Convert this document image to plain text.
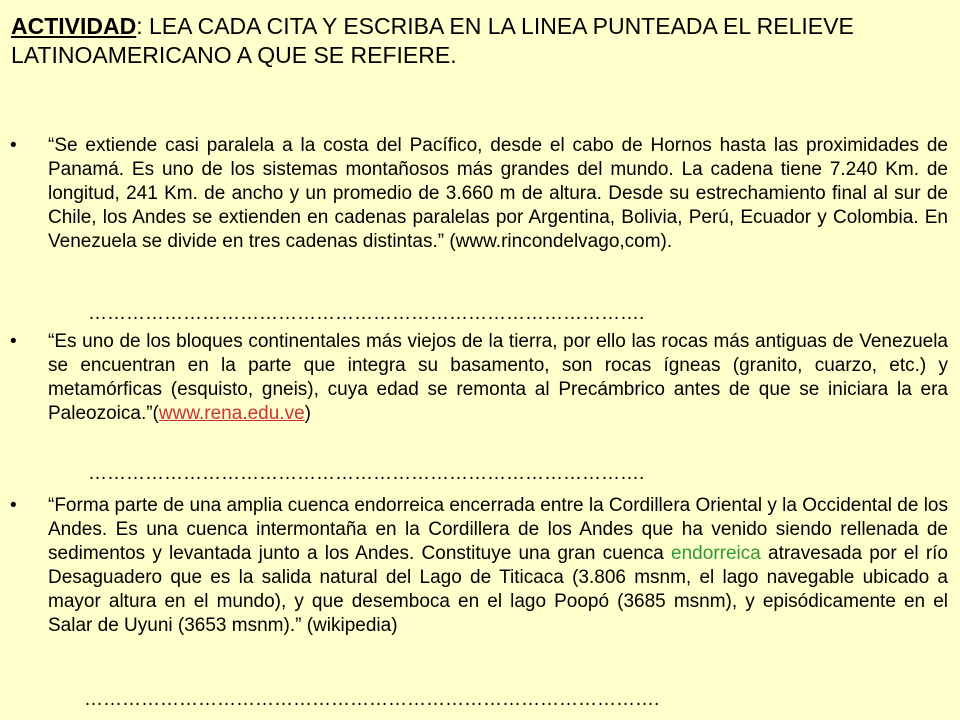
ACTIVIDAD: LEA CADA CITA Y ESCRIBA EN LA LINEA PUNTEADA EL RELIEVE LATINOAMERICANO A QUE SE REFIERE.
• “Se extiende casi paralela a la costa del Pacífico, desde el cabo de Hornos hasta las proximidades de Panamá. Es uno de los sistemas montañosos más grandes del mundo. La cadena tiene 7.240 Km. de longitud, 241 Km. de ancho y un promedio de 3.660 m de altura. Desde su estrechamiento final al sur de Chile, los Andes se extienden en cadenas paralelas por Argentina, Bolivia, Perú, Ecuador y Colombia. En Venezuela se divide en tres cadenas distintas.” (www.rincondelvago,com).
…………………………………………………………………………….
• “Es uno de los bloques continentales más viejos de la tierra, por ello las rocas más antiguas de Venezuela se encuentran en la parte que integra su basamento, son rocas ígneas (granito, cuarzo, etc.) y metamórficas (esquisto, gneis), cuya edad se remonta al Precámbrico antes de que se iniciara la era Paleozoica.”(www.rena.edu.ve)
…………………………………………………………………………….
• “Forma parte de una amplia cuenca endorreica encerrada entre la Cordillera Oriental y la Occidental de los Andes. Es una cuenca intermontaña en la Cordillera de los Andes que ha venido siendo rellenada de sedimentos y levantada junto a los Andes. Constituye una gran cuenca endorreica atravesada por el río Desaguadero que es la salida natural del Lago de Titicaca (3.806 msnm, el lago navegable ubicado a mayor altura en el mundo), y que desemboca en el lago Poopó (3685 msnm), y episódicamente en el Salar de Uyuni (3653 msnm).” (wikipedia)
……………………………………………………………………………….
